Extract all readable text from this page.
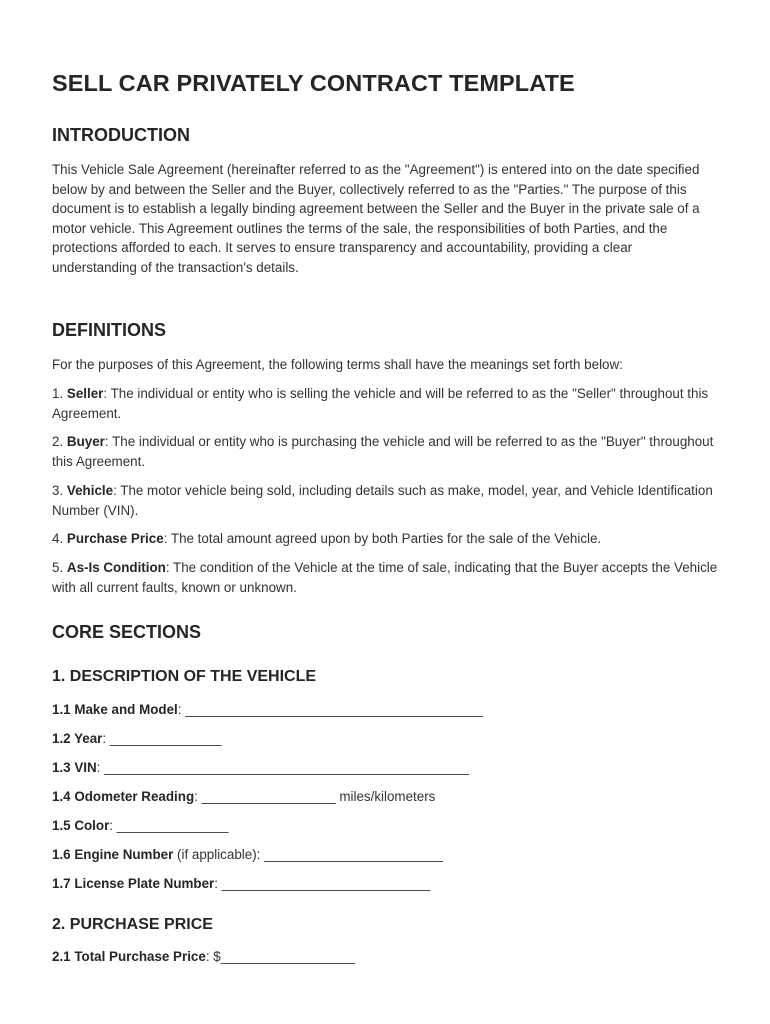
SELL CAR PRIVATELY CONTRACT TEMPLATE
INTRODUCTION

This Vehicle Sale Agreement (hereinafter referred to as the "Agreement") is entered into on the date specified below by and between the Seller and the Buyer, collectively referred to as the "Parties." The purpose of this document is to establish a legally binding agreement between the Seller and the Buyer in the private sale of a motor vehicle. This Agreement outlines the terms of the sale, the responsibilities of both Parties, and the protections afforded to each. It serves to ensure transparency and accountability, providing a clear understanding of the transaction's details.

DEFINITIONS

For the purposes of this Agreement, the following terms shall have the meanings set forth below:

1. Seller: The individual or entity who is selling the vehicle and will be referred to as the "Seller" throughout this Agreement.

2. Buyer: The individual or entity who is purchasing the vehicle and will be referred to as the "Buyer" throughout this Agreement.

3. Vehicle: The motor vehicle being sold, including details such as make, model, year, and Vehicle Identification Number (VIN).

4. Purchase Price: The total amount agreed upon by both Parties for the sale of the Vehicle.

5. As-Is Condition: The condition of the Vehicle at the time of sale, indicating that the Buyer accepts the Vehicle with all current faults, known or unknown.

CORE SECTIONS
1. DESCRIPTION OF THE VEHICLE

1.1 Make and Model: ________________________________________

1.2 Year: _______________

1.3 VIN: _________________________________________________

1.4 Odometer Reading: __________________ miles/kilometers

1.5 Color: _______________

1.6 Engine Number (if applicable): ________________________

1.7 License Plate Number: ____________________________

2. PURCHASE PRICE

2.1 Total Purchase Price: $__________________
